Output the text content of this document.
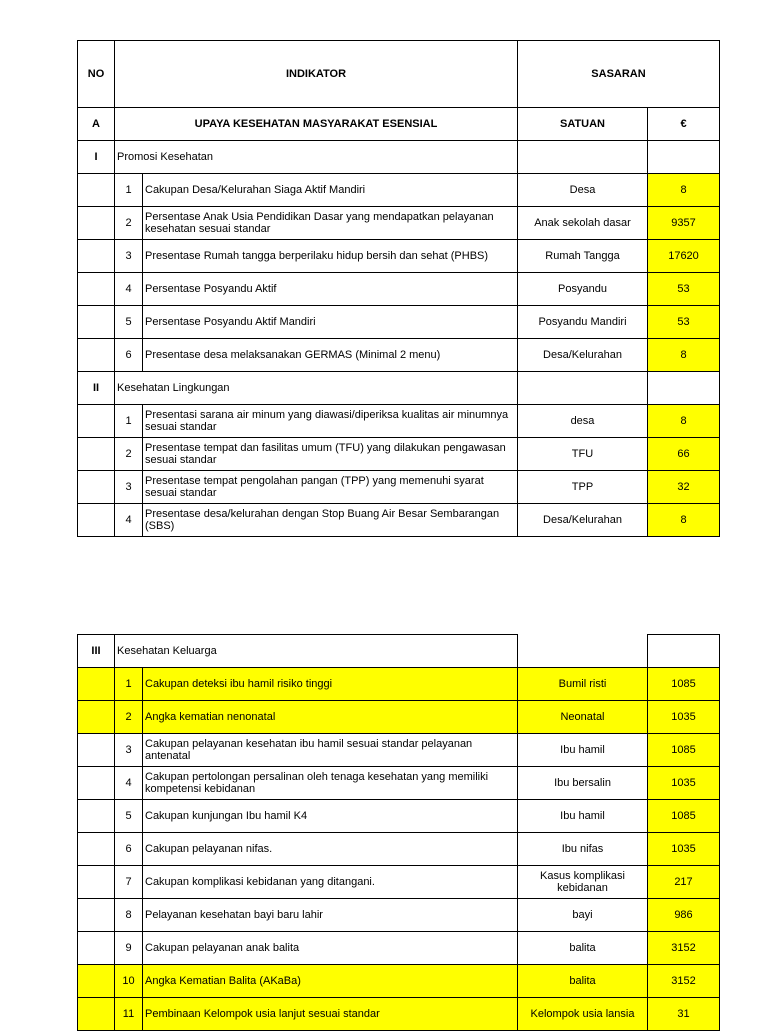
NO	INDIKATOR		SASARAN	
A	UPAYA KESEHATAN MASYARAKAT ESENSIAL		SATUAN	€
I	Promosi Kesehatan			
	1	Cakupan Desa/Kelurahan Siaga Aktif Mandiri	Desa	8
	2	Persentase Anak Usia Pendidikan Dasar yang mendapatkan pelayanan kesehatan sesuai standar	Anak sekolah dasar	9357
	3	Presentase Rumah tangga berperilaku hidup bersih dan sehat (PHBS)	Rumah Tangga	17620
	4	Persentase Posyandu Aktif	Posyandu	53
	5	Persentase Posyandu Aktif Mandiri	Posyandu Mandiri	53
	6	Presentase desa melaksanakan GERMAS (Minimal 2 menu)	Desa/Kelurahan	8
II	Kesehatan Lingkungan			
	1	Presentasi sarana air minum yang diawasi/diperiksa kualitas air minumnya sesuai standar	desa	8
	2	Presentase tempat dan fasilitas umum (TFU) yang dilakukan pengawasan sesuai standar	TFU	66
	3	Presentase tempat pengolahan pangan (TPP) yang memenuhi syarat sesuai standar	TPP	32
	4	Presentase desa/kelurahan dengan Stop Buang Air Besar Sembarangan (SBS)	Desa/Kelurahan	8
III	Kesehatan Keluarga			
	1	Cakupan deteksi ibu hamil risiko tinggi	Bumil risti	1085
	2	Angka kematian nenonatal	Neonatal	1035
	3	Cakupan pelayanan kesehatan ibu hamil sesuai standar pelayanan antenatal	Ibu hamil	1085
	4	Cakupan pertolongan persalinan oleh tenaga kesehatan yang memiliki kompetensi kebidanan	Ibu bersalin	1035
	5	Cakupan kunjungan Ibu hamil K4	Ibu hamil	1085
	6	Cakupan pelayanan nifas.	Ibu nifas	1035
	7	Cakupan komplikasi kebidanan yang ditangani.	Kasus komplikasi kebidanan	217
	8	Pelayanan kesehatan bayi baru lahir	bayi	986
	9	Cakupan pelayanan anak balita	balita	3152
	10	Angka Kematian Balita (AKaBa)	balita	3152
	11	Pembinaan Kelompok usia lanjut sesuai standar	Kelompok usia lansia	31
